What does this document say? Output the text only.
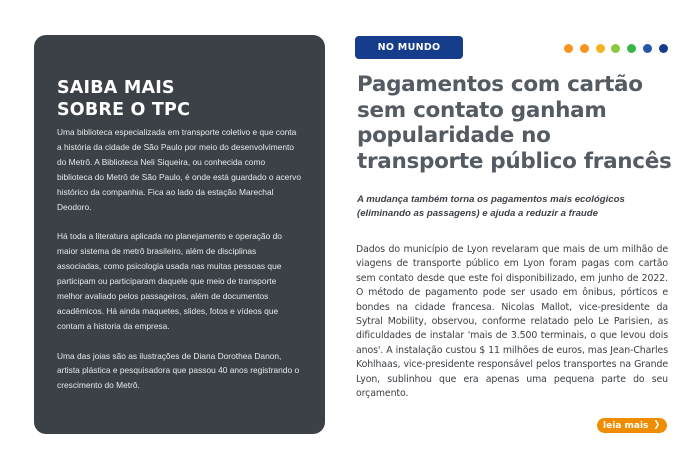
SAIBA MAIS
SOBRE O TPC

Uma biblioteca especializada em transporte coletivo e que conta a história da cidade de São Paulo por meio do desenvolvimento do Metrô. A Biblioteca Neli Siqueira, ou conhecida como biblioteca do Metrô de São Paulo, é onde está guardado o acervo histórico da companhia. Fica ao lado da estação Marechal Deodoro.

Há toda a literatura aplicada no planejamento e operação do maior sistema de metrô brasileiro, além de disciplinas associadas, como psicologia usada nas muitas pessoas que participam ou participaram daquele que meio de transporte melhor avaliado pelos passageiros, além de documentos acadêmicos. Há ainda maquetes, slides, fotos e vídeos que contam a historia da empresa.

Uma das joias são as ilustrações de Diana Dorothea Danon, artista plástica e pesquisadora que passou 40 anos registrando o crescimento do Metrô.

NO MUNDO
Pagamentos com cartão sem contato ganham popularidade no transporte público francês

A mudança também torna os pagamentos mais ecológicos (eliminando as passagens) e ajuda a reduzir a fraude

Dados do município de Lyon revelaram que mais de um milhão de viagens de transporte público em Lyon foram pagas com cartão sem contato desde que este foi disponibilizado, em junho de 2022. O método de pagamento pode ser usado em ônibus, pórticos e bondes na cidade francesa. Nicolas Mallot, vice-presidente da Sytral Mobility, observou, conforme relatado pelo Le Parisien, as dificuldades de instalar 'mais de 3.500 terminais, o que levou dois anos'. A instalação custou $ 11 milhões de euros, mas Jean-Charles Kohlhaas, vice-presidente responsável pelos transportes na Grande Lyon, sublinhou que era apenas uma pequena parte do seu orçamento.

leia mais ❯
